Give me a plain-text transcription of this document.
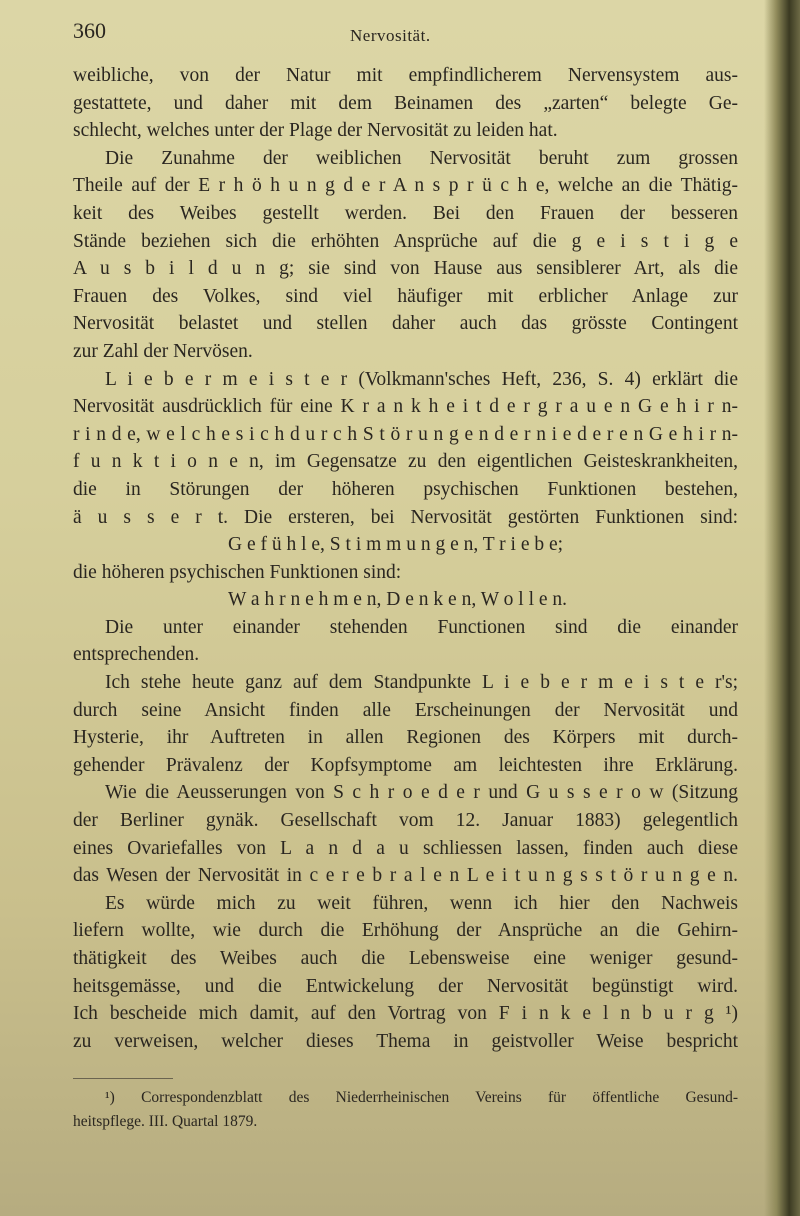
360	Nervosität.
weibliche, von der Natur mit empfindlicherem Nervensystem aus-
gestattete, und daher mit dem Beinamen des „zarten“ belegte Ge-
schlecht, welches unter der Plage der Nervosität zu leiden hat.
Die Zunahme der weiblichen Nervosität beruht zum grossen
Theile auf der E r h ö h u n g d e r A n s p r ü c h e, welche an die Thätig-
keit des Weibes gestellt werden. Bei den Frauen der besseren
Stände beziehen sich die erhöhten Ansprüche auf die g e i s t i g e
A u s b i l d u n g; sie sind von Hause aus sensiblerer Art, als die
Frauen des Volkes, sind viel häufiger mit erblicher Anlage zur
Nervosität belastet und stellen daher auch das grösste Contingent
zur Zahl der Nervösen.
L i e b e r m e i s t e r (Volkmann'sches Heft, 236, S. 4) erklärt die
Nervosität ausdrücklich für eine K r a n k h e i t d e r g r a u e n G e h i r n-
r i n d e, w e l c h e s i c h d u r c h S t ö r u n g e n d e r n i e d e r e n G e h i r n-
f u n k t i o n e n, im Gegensatze zu den eigentlichen Geisteskrankheiten,
die in Störungen der höheren psychischen Funktionen bestehen,
ä u s s e r t. Die ersteren, bei Nervosität gestörten Funktionen sind:
G e f ü h l e, S t i m m u n g e n, T r i e b e;
die höheren psychischen Funktionen sind:
W a h r n e h m e n, D e n k e n, W o l l e n.
Die unter einander stehenden Functionen sind die einander
entsprechenden.
Ich stehe heute ganz auf dem Standpunkte L i e b e r m e i s t e r's;
durch seine Ansicht finden alle Erscheinungen der Nervosität und
Hysterie, ihr Auftreten in allen Regionen des Körpers mit durch-
gehender Prävalenz der Kopfsymptome am leichtesten ihre Erklärung.
Wie die Aeusserungen von S c h r o e d e r und G u s s e r o w (Sitzung
der Berliner gynäk. Gesellschaft vom 12. Januar 1883) gelegentlich
eines Ovariefalles von L a n d a u schliessen lassen, finden auch diese
das Wesen der Nervosität in c e r e b r a l e n L e i t u n g s s t ö r u n g e n.
Es würde mich zu weit führen, wenn ich hier den Nachweis
liefern wollte, wie durch die Erhöhung der Ansprüche an die Gehirn-
thätigkeit des Weibes auch die Lebensweise eine weniger gesund-
heitsgemässe, und die Entwickelung der Nervosität begünstigt wird.
Ich bescheide mich damit, auf den Vortrag von F i n k e l n b u r g ¹)
zu verweisen, welcher dieses Thema in geistvoller Weise bespricht
¹) Correspondenzblatt des Niederrheinischen Vereins für öffentliche Gesund-
heitspflege. III. Quartal 1879.
